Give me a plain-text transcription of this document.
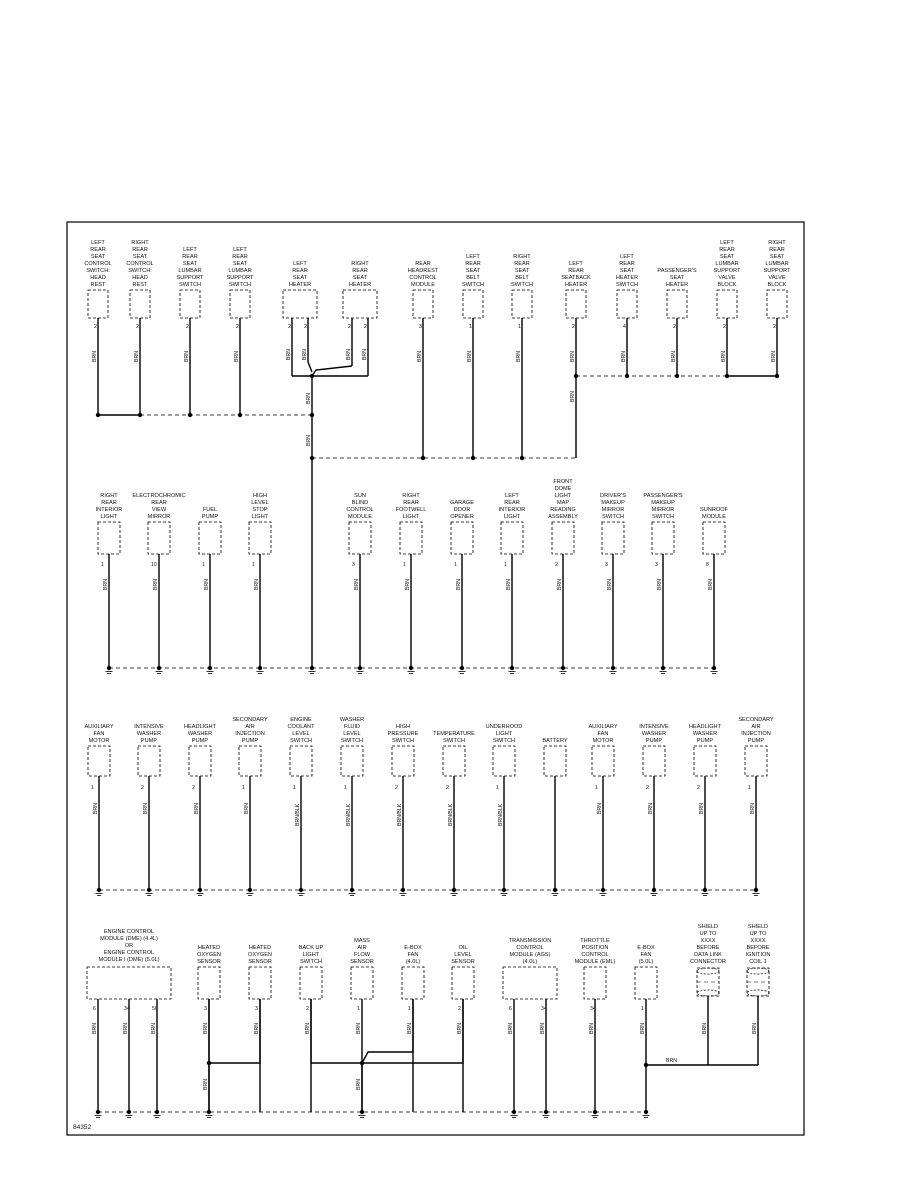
BRN	BRN	BRN	BRN	BRN	BRN	BRN	BRN	BRN	BRN	BRN	BRN
BRN BRN	BRN BRN
BRN
BRN
BRN
BRN	BRN	BRN	BRN	BRN	BRN	BRN	BRN	BRN	BRN	BRN	BRN
BRN	BRN	BRN	BRN	BRN/BLK	BRN/BLK	BRN/BLK	BRN/BLK	BRN/BLK	BRN	BRN	BRN	BRN
BRN	BRN	BRN	BRN	BRN	BRN	BRN	BRN	BRN	BRN	BRN	BRN	BRN	BRN	BRN
BRN	BRN
BRN
LEFT
REAR
SEAT
CONTROL
SWITCH:
HEAD
REST
2
RIGHT
REAR
SEAT
CONTROL
SWITCH:
HEAD
REST
2
LEFT
REAR
SEAT
LUMBAR
SUPPORT
SWITCH
2
LEFT
REAR
SEAT
LUMBAR
SUPPORT
SWITCH
2
LEFT
REAR
SEAT
HEATER
2	2
RIGHT
REAR
SEAT
HEATER
2	2
REAR
HEADREST
CONTROL
MODULE
3
LEFT
REAR
SEAT
BELT
SWITCH
1
RIGHT
REAR
SEAT
BELT
SWITCH
1
LEFT
REAR
SEATBACK
HEATER
2
LEFT
REAR
SEAT
HEATER
SWITCH
4
PASSENGER'S
SEAT
HEATER
2
LEFT
REAR
SEAT
LUMBAR
SUPPORT
VALVE
BLOCK
2
RIGHT
REAR
SEAT
LUMBAR
SUPPORT
VALVE
BLOCK
2
RIGHT
REAR
INTERIOR
LIGHT
1
ELECTROCHROMIC
REAR
VIEW
MIRROR
10
FUEL
PUMP
1
HIGH
LEVEL
STOP
LIGHT
1
SUN
BLIND
CONTROL
MODULE
3
RIGHT
REAR
FOOTWELL
LIGHT
1
GARAGE
DOOR
OPENER
1
LEFT
REAR
INTERIOR
LIGHT
1
FRONT
DOME
LIGHT
MAP
READING
ASSEMBLY
2
DRIVER'S
MAKEUP
MIRROR
SWITCH
3
PASSENGER'S
MAKEUP
MIRROR
SWITCH
3
SUNROOF
MODULE
8
AUXILIARY
FAN
MOTOR
1
INTENSIVE
WASHER
PUMP
2
HEADLIGHT
WASHER
PUMP
2
SECONDARY
AIR
INJECTION
PUMP
1
ENGINE
COOLANT
LEVEL
SWITCH
1
WASHER
FLUID
LEVEL
SWITCH
1
HIGH
PRESSURE
SWITCH
2
TEMPERATURE
SWITCH
2
UNDERHOOD
LIGHT
SWITCH
1
BATTERY
AUXILIARY
FAN
MOTOR
1
INTENSIVE
WASHER
PUMP
2
HEADLIGHT
WASHER
PUMP
2
SECONDARY
AIR
INJECTION
PUMP
1
ENGINE CONTROL
MODULE (DME) (4.4L)
OR
ENGINE CONTROL
MODULE I (DME) (5.0L)
6	34	50
HEATED
OXYGEN
SENSOR
3
HEATED
OXYGEN
SENSOR
3
BACK UP
LIGHT
SWITCH
2
MASS
AIR
FLOW
SENSOR
1
E-BOX
FAN
(4.0L)
1
OIL
LEVEL
SENSOR
2
TRANSMISSION
CONTROL
MODULE (AGS)
(4.0L)
6	34
THROTTLE
POSITION
CONTROL
MODULE (EML)
34
E-BOX
FAN
(5.0L)
1
SHIELD
UP TO
XXXX
BEFORE
DATA LINK
CONNECTOR
SHIELD
UP TO
XXXX
BEFORE
IGNITION
COIL 1
84352
